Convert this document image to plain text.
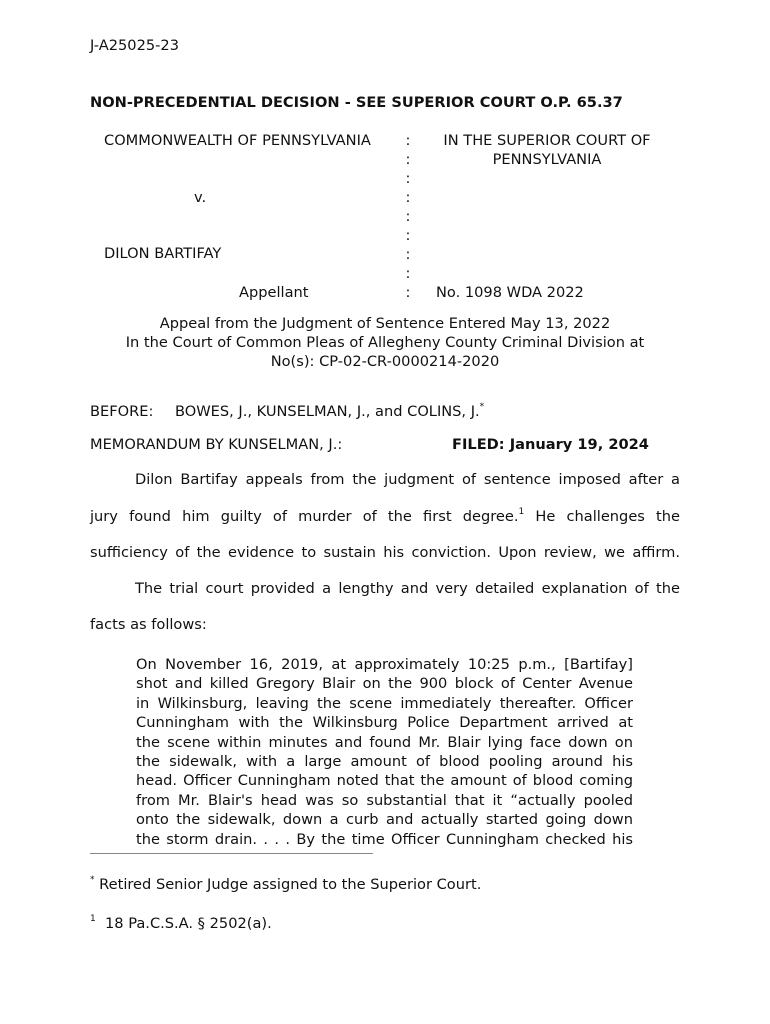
J-A25025-23
NON-PRECEDENTIAL DECISION - SEE SUPERIOR COURT O.P. 65.37
COMMONWEALTH OF PENNSYLVANIA
v.
DILON BARTIFAY
Appellant
:
:
:
:
:
:
:
:
:
IN THE SUPERIOR COURT OF
PENNSYLVANIA
No. 1098 WDA 2022
Appeal from the Judgment of Sentence Entered May 13, 2022
In the Court of Common Pleas of Allegheny County Criminal Division at
No(s): CP-02-CR-0000214-2020
BEFORE: BOWES, J., KUNSELMAN, J., and COLINS, J.*
MEMORANDUM BY KUNSELMAN, J.:	FILED: January 19, 2024
Dilon Bartifay appeals from the judgment of sentence imposed after a
jury found him guilty of murder of the first degree.$^1$ He challenges the
sufficiency of the evidence to sustain his conviction. Upon review, we affirm.
The trial court provided a lengthy and very detailed explanation of the
facts as follows:
On November 16, 2019, at approximately 10:25 p.m., [Bartifay]
shot and killed Gregory Blair on the 900 block of Center Avenue
in Wilkinsburg, leaving the scene immediately thereafter. Officer
Cunningham with the Wilkinsburg Police Department arrived at
the scene within minutes and found Mr. Blair lying face down on
the sidewalk, with a large amount of blood pooling around his
head. Officer Cunningham noted that the amount of blood coming
from Mr. Blair's head was so substantial that it “actually pooled
onto the sidewalk, down a curb and actually started going down
the storm drain. . . . By the time Officer Cunningham checked his
* Retired Senior Judge assigned to the Superior Court.
$^1$ 18 Pa.C.S.A. § 2502(a).
